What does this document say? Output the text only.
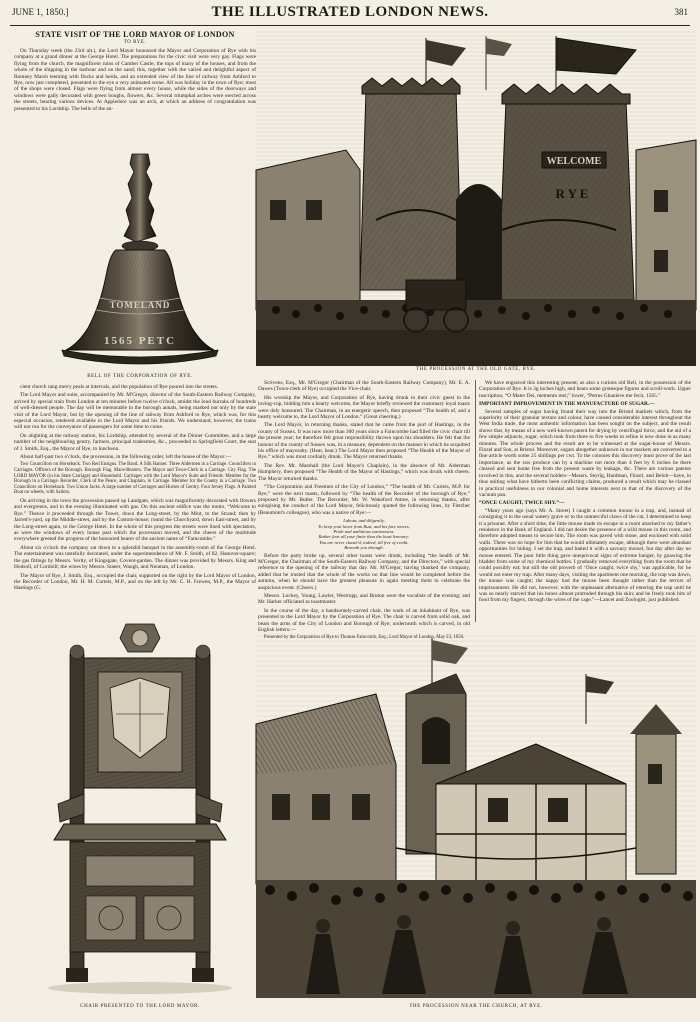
JUNE 1, 1850.]	THE ILLUSTRATED LONDON NEWS.	381
STATE VISIT OF THE LORD MAYOR OF LONDON
TO RYE.
On Thursday week (the 23rd ult.), the Lord Mayor honoured the Mayor and Corporation of Rye with his company at a grand dinner at the George Hotel. The preparations for the civic visit were very gay. Flags were flying from the church, the magnificent ruins of Camber Castle, the tops of many of the houses, and from the whole of the shipping in the harbour and on the sand; this, together with the varied and delightful aspect of Romney Marsh teeming with flocks and herds, and an extended view of the line of railway from Ashford to Rye, now just completed, presented to the eye a very animated scene. All was holiday in the town of Rye; most of the shops were closed. Flags were flying from almost every house, while the sides of the doorways and windows were gaily decorated with green boughs, flowers, &c. Several triumphal arches were erected across the streets, bearing various devices. At Appledore was an arch, at which an address of congratulation was presented to his Lordship. The bells of the an-
TOMELAND
1565 PETC
BELL OF THE CORPORATION OF RYE.

cient church rang merry peals at intervals, and the population of Rye poured into the streets.

The Lord Mayor and suite, accompanied by Mr. M'Gregor, director of the South-Eastern Railway Company, arrived by special train from London at ten minutes before twelve o'clock, amidst the loud hurrahs of hundreds of well-dressed people. The day will be memorable in the borough annals, being marked not only by the state visit of the Lord Mayor, but by the opening of the line of railway from Ashford to Rye, which was, for this especial occasion, rendered available to the Lord Mayor and his friends. We understand, however, the trains will not run for the conveyance of passengers for some time to come.

On alighting at the railway station, his Lordship, attended by several of the Dinner Committee, and a large number of the neighbouring gentry, farmers, principal tradesmen, &c., proceeded to Springfield Court, the seat of J. Smith, Esq., the Mayor of Rye, to luncheon.

About half-past two o'clock, the procession, in the following order, left the house of the Mayor:—

Two Councillors on Horseback. Two Red Ensigns. The Band. A Silk Banner. Three Aldermen in a Carriage. Councillors in Carriages. Officers of the Borough. Borough Flag. Mace-Bearers. The Mayor and Town-Clerk in a Carriage. City Flag. The LORD MAYOR (in his State Carriage) and Household. Carriages with the Lord Mayor's Suite and Friends. Member for the Borough in a Carriage. Recorder, Clerk of the Peace, and Chaplain, in Carriage. Member for the County in a Carriage. Two Councillors on Horseback. Two Union Jacks. A large number of Carriages and Horses of Gentry. Four Jersey Flags. A Painted Boat on wheels, with Sailors.

On arriving in the town the procession passed up Landgate, which was magnificently decorated with flowers and evergreens, and in the evening illuminated with gas. On this ancient edifice was the motto, “Welcome to Rye.” Thence it proceeded through the Tower, down the Long-street, by the Mint, to the Strand; then by Jarrett's-yard, up the Middle-street, and by the Custom-house; round the Churchyard, down East-street, and by the Long-street again, to the George Hotel. In the whole of this progress the streets were lined with spectators, as were the windows of every house past which the procession moved, and the cheers of the multitude everywhere greeted the progress of the honoured bearer of the ancient name of “Farncombe.”

About six o'clock the company sat down to a splendid banquet in the assembly-room of the George Hotel. The entertainment was tastefully decorated, under the superintendence of Mr. F. Smith, of 82, Hanover-square; the gas fittings by Messrs. Verity, of Kingsgate, Covent-garden. The dinner was provided by Messrs. King and Hodsoll, of Cornhill; the wines by Messrs. Staeer, Waugh, and Neuman, of London.

The Mayor of Rye, J. Smith, Esq., occupied the chair, supported on the right by the Lord Mayor of London, the Recorder of London, Mr. H. M. Curteis, M.P., and on the left by Mr. C. H. Frewen, M.P., the Mayor of Hastings (G.

CHAIR PRESENTED TO THE LORD MAYOR.
WELCOME
R Y E
THE PROCESSION AT THE OLD GATE, RYE.

Scrivens, Esq., Mr. M'Gregor (Chairman of the South-Eastern Railway Company), Mr. E. A. Dawes (Town-clerk of Rye) occupied the Vice-chair.

His worship the Mayor, and Corporation of Rye, having drunk to their civic guest in the loving-cup, bidding him a hearty welcome, the Mayor briefly reviewed the customary loyal toasts were duly honoured. The Chairman, in an energetic speech, then proposed “The health of, and a hearty welcome to, the Lord Mayor of London.” (Great cheering.)

The Lord Mayor, in returning thanks, stated that he came from the port of Hastings, in the county of Sussex. It was now more than 300 years since a Farncombe had filled the civic chair till the present year; he therefore felt great responsibility thrown upon his shoulders. He felt that the honour of the county of Sussex was, in a measure, dependent on the manner in which he acquitted his office of mayoralty. (Hear, hear.) The Lord Mayor then proposed “The Health of the Mayor of Rye,” which was most cordially drunk. The Mayor returned thanks.

The Rev. Mr. Marshall (the Lord Mayor's Chaplain), in the absence of Mr. Alderman Humphery, then proposed “The Health of the Mayor of Hastings,” which was drunk with cheers. The Mayor returned thanks.

“The Corporation and Freemen of the City of London,” “The health of Mr. Curteis, M.P. for Rye,” were the next toasts, followed by “The health of the Recorder of the borough of Rye,” proposed by Mr. Butler. The Recorder, Mr. W. Wakeford Attree, in returning thanks, after eulogising the conduct of the Lord Mayor, felicitously quoted the following lines, by Fletcher (Beaumont's colleague), who was a native of Rye:—

Labour, and diligently,
To keep your heart from Rust, and his face moves,
Pride and ambitious wantonness.
Rather fear all your finite than the least lemonry:
You are never chaste'd, indeed, till free of credit.
Beneath you through.

Before the party broke up, several other toasts were drunk, including “the health of Mr. M'Gregor, the Chairman of the South-Eastern Railway Company, and the Directors,” with special reference to the opening of the railway that day. Mr. M'Gregor, having thanked the company, added that he trusted that the whole of the works on that line would be completed before the autumn, when he should have the greatest pleasure in again meeting them to celebrate the auspicious event. (Cheers.)

Messrs. Lockey, Young, Lawler, Westropp, and Bruton were the vocalists of the evening; and Mr. Harker officiated as toastmaster.

In the course of the day, a handsomely-carved chair, the work of an inhabitant of Rye, was presented to the Lord Mayor by the Corporation of Rye. The chair is carved from solid oak, and bears the arms of the City of London and Borough of Rye; underneath which is carved, in old English letters:—

We have engraved this interesting present; as also a curious old Bell, in the possession of the Corporation of Rye. It is 3g inches high, and bears some grotesque figures and scroll-work. Upper inscription, “O Mater Dei, memento mei;” lower, “Petrus Ghanieve me fecit, 1565.”

IMPORTANT IMPROVEMENT IN THE MANUFACTURE OF SUGAR.—

Several samples of sugar having found their way into the Bristol markets which, from the superiority of their granular texture and colour, have caused considerable interest throughout the West India trade, the most authentic information has been sought on the subject, and the result shows that, by means of a new well-known patent for drying by centrifugal force, and the aid of a few simple adjuncts, sugar, which took from three to five weeks to refine is now done in as many minutes. The whole process and the result are to be witnessed at the sugar-house of Messrs. Finzel and Son, at Bristol. Moreover, sugars altogether unknown in our markets are converted to a fine article worth some 25 shillings per cwt. To the colonies this discovery must prove of the last importance, as the raw produce can by a machine not more than 4 feet by 6 inches be there cleared and sent home free from the present waste by leakage, &c. There are various patents involved in this, and the several holders—Messrs. Seyrig, Hardman, Finzel, and Beloh—have, in thus uniting what have hitherto been conflicting claims, produced a result which may be classed in practical usefulness to our colonial and home interests next to that of the discovery of the vacuum pan.

“ONCE CAUGHT, TWICE SHY.”—

“Many years ago (says Mr. A. Street) I caught a common mouse in a trap, and, instead of consigning it to the usual watery grave or to the unmerciful claws of the cat, I determined to keep it a prisoner. After a short time, the little mouse made its escape in a room attached to my father's residence in the Bank of England. I did not desire the presence of a wild mouse in this room, and therefore adopted means to secure him. The room was paved with stone, and enclosed with solid walls. There was no hope for him that he would ultimately escape, although there were abundant opportunities for hiding. I set the trap, and baited it with a savoury morsel, but day after day no mouse entered. The poor little thing gave unequivocal signs of extreme hunger, by gnawing the bladder from some of my chemical bottles. I gradually removed everything from the room that he could possibly eat; but still the old proverb of ‘Once caught, twice shy,’ was applicable, for he would not enter my trap. After many days, visiting the apartment one morning, the trap was down, the mouse was caught; the nappy had the mouse been thought rather than the terrors of imprisonment. He did not, however, with the unpleasant alternative of entering the trap until he was so nearly starved that his bones almost protruded through his skin; and he freely took bits of food from my fingers, through the wires of the cage.”—Lancet and Zoologist, just published.

THE PROCESSION NEAR THE CHURCH, AT RYE.
